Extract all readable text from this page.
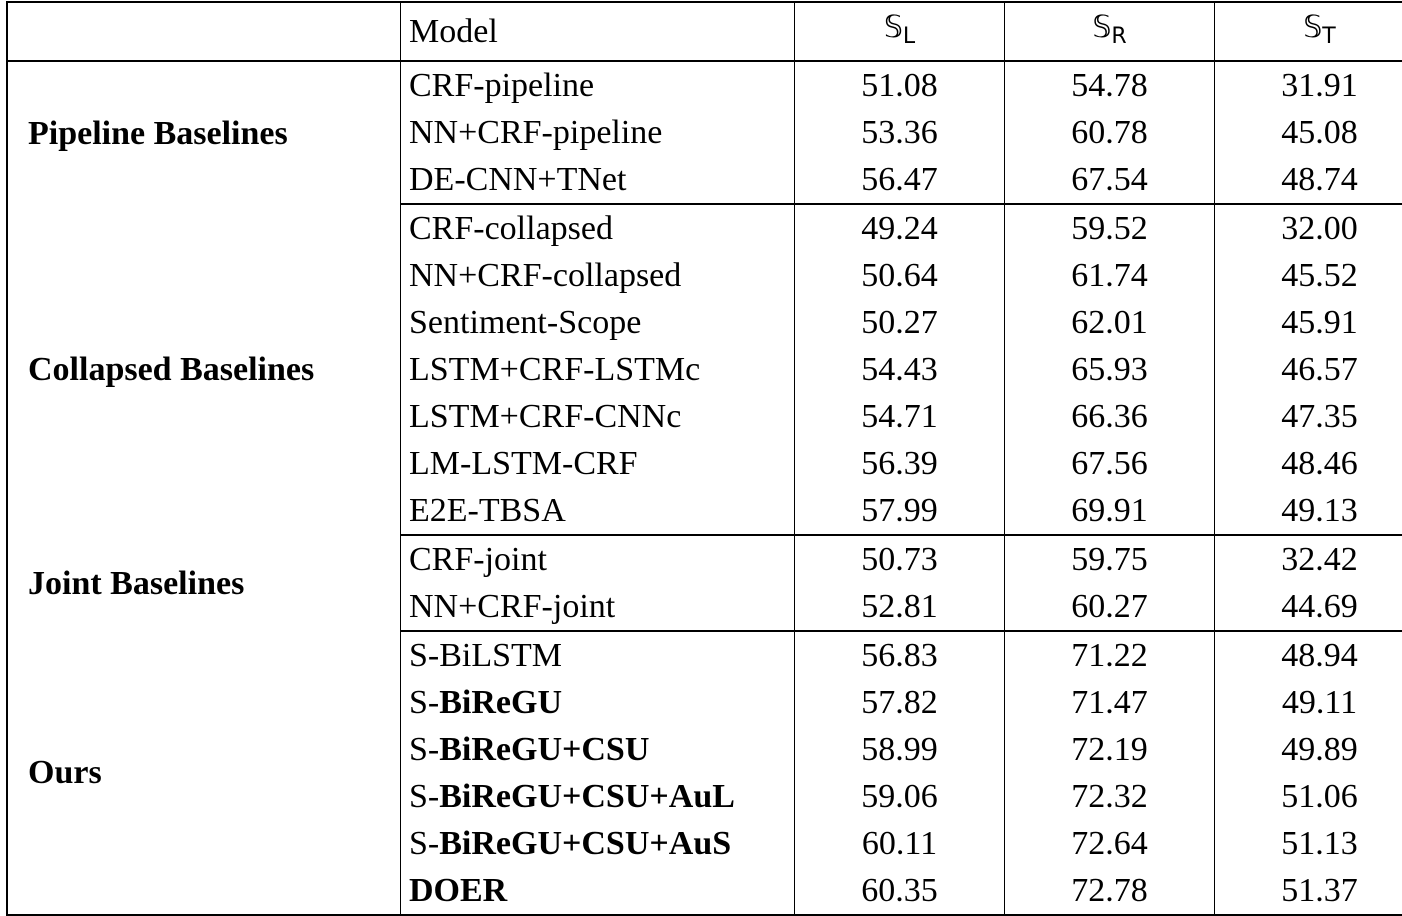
	Model	𝕊$_L$	𝕊$_R$	𝕊$_T$
Pipeline Baselines	CRF-pipeline	51.08	54.78	31.91
	NN+CRF-pipeline	53.36	60.78	45.08
	DE-CNN+TNet	56.47	67.54	48.74
Collapsed Baselines	CRF-collapsed	49.24	59.52	32.00
	NN+CRF-collapsed	50.64	61.74	45.52
	Sentiment-Scope	50.27	62.01	45.91
	LSTM+CRF-LSTMc	54.43	65.93	46.57
	LSTM+CRF-CNNc	54.71	66.36	47.35
	LM-LSTM-CRF	56.39	67.56	48.46
	E2E-TBSA	57.99	69.91	49.13
Joint Baselines	CRF-joint	50.73	59.75	32.42
	NN+CRF-joint	52.81	60.27	44.69
Ours	S-BiLSTM	56.83	71.22	48.94
	S-BiReGU	57.82	71.47	49.11
	S-BiReGU+CSU	58.99	72.19	49.89
	S-BiReGU+CSU+AuL	59.06	72.32	51.06
	S-BiReGU+CSU+AuS	60.11	72.64	51.13
	DOER	60.35	72.78	51.37
